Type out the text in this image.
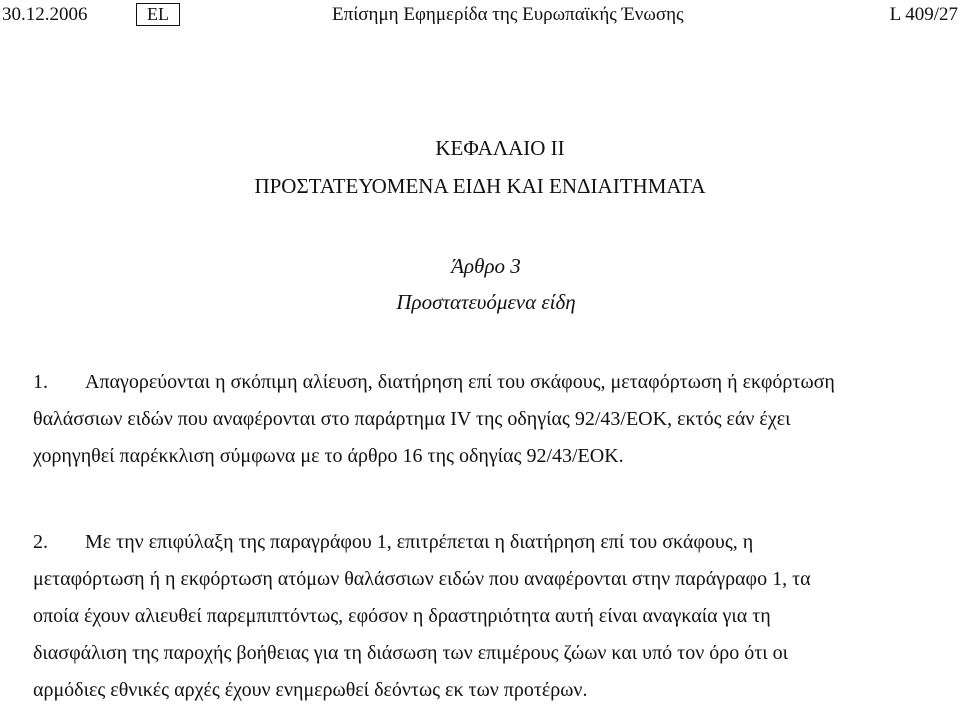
30.12.2006	EL	Επίσημη Εφημερίδα της Ευρωπαϊκής Ένωσης	L 409/27
ΚΕΦΑΛΑΙΟ II
ΠΡΟΣΤΑΤΕΥΟΜΕΝΑ ΕΙΔΗ ΚΑΙ ΕΝΔΙΑΙΤΗΜΑΤΑ
Άρθρο 3
Προστατευόμενα είδη
1. Απαγορεύονται η σκόπιμη αλίευση, διατήρηση επί του σκάφους, μεταφόρτωση ή εκφόρτωση
θαλάσσιων ειδών που αναφέρονται στο παράρτημα IV της οδηγίας 92/43/ΕΟΚ, εκτός εάν έχει
χορηγηθεί παρέκκλιση σύμφωνα με το άρθρο 16 της οδηγίας 92/43/ΕΟΚ.
2. Με την επιφύλαξη της παραγράφου 1, επιτρέπεται η διατήρηση επί του σκάφους, η
μεταφόρτωση ή η εκφόρτωση ατόμων θαλάσσιων ειδών που αναφέρονται στην παράγραφο 1, τα
οποία έχουν αλιευθεί παρεμπιπτόντως, εφόσον η δραστηριότητα αυτή είναι αναγκαία για τη
διασφάλιση της παροχής βοήθειας για τη διάσωση των επιμέρους ζώων και υπό τον όρο ότι οι
αρμόδιες εθνικές αρχές έχουν ενημερωθεί δεόντως εκ των προτέρων.
